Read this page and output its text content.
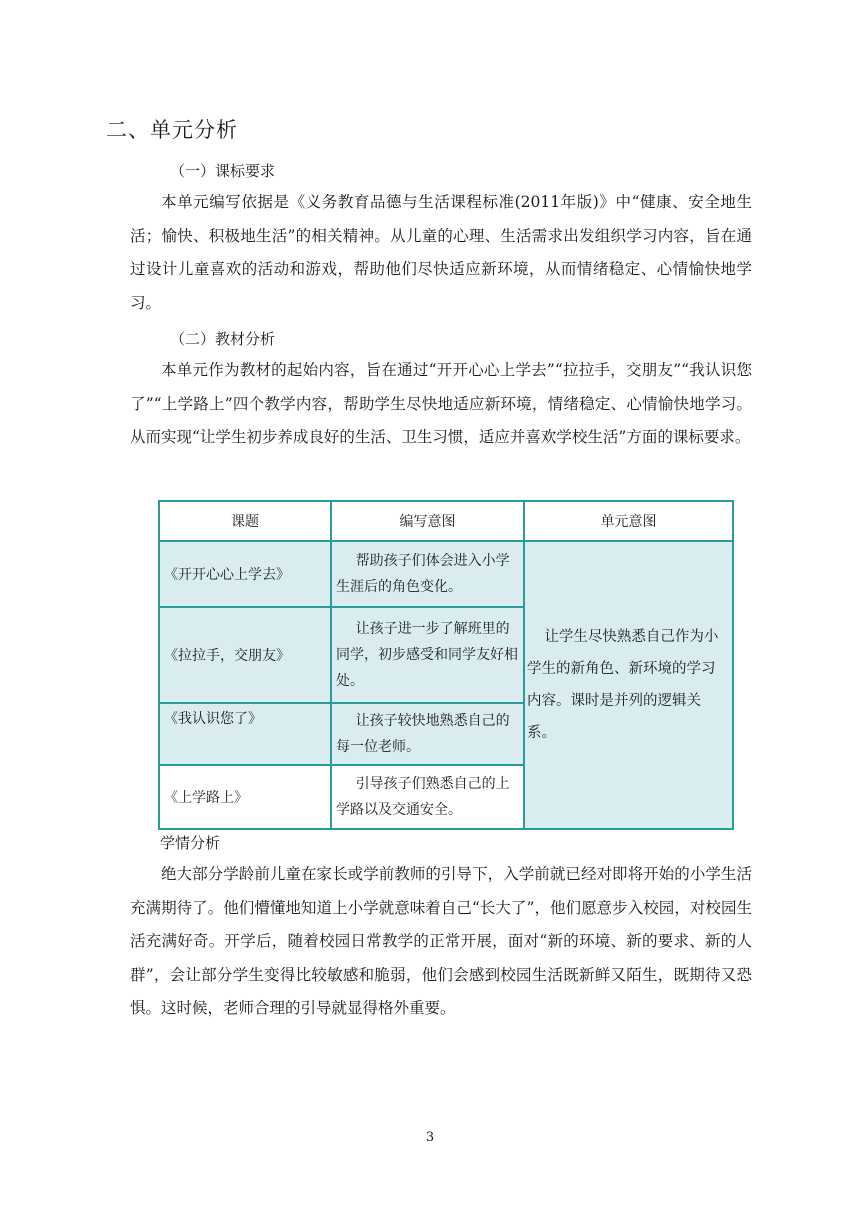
二、单元分析
（一）课标要求

本单元编写依据是《义务教育品德与生活课程标准(2011年版)》中“健康、安全地生活；愉快、积极地生活”的相关精神。从儿童的心理、生活需求出发组织学习内容，旨在通过设计儿童喜欢的活动和游戏，帮助他们尽快适应新环境，从而情绪稳定、心情愉快地学习。

（二）教材分析

本单元作为教材的起始内容，旨在通过“开开心心上学去”“拉拉手，交朋友”“我认识您了”“上学路上”四个教学内容，帮助学生尽快地适应新环境，情绪稳定、心情愉快地学习。从而实现“让学生初步养成良好的生活、卫生习惯，适应并喜欢学校生活”方面的课标要求。

课题	编写意图	单元意图
《开开心心上学去》	帮助孩子们体会进入小学生涯后的角色变化。	让学生尽快熟悉自己作为小学生的新角色、新环境的学习内容。课时是并列的逻辑关系。
《拉拉手，交朋友》	让孩子进一步了解班里的同学，初步感受和同学友好相处。	
《我认识您了》	让孩子较快地熟悉自己的每一位老师。	
《上学路上》	引导孩子们熟悉自己的上学路以及交通安全。	
学情分析

绝大部分学龄前儿童在家长或学前教师的引导下，入学前就已经对即将开始的小学生活充满期待了。他们懵懂地知道上小学就意味着自己“长大了”，他们愿意步入校园，对校园生活充满好奇。开学后，随着校园日常教学的正常开展，面对“新的环境、新的要求、新的人群”，会让部分学生变得比较敏感和脆弱，他们会感到校园生活既新鲜又陌生，既期待又恐惧。这时候，老师合理的引导就显得格外重要。

3
